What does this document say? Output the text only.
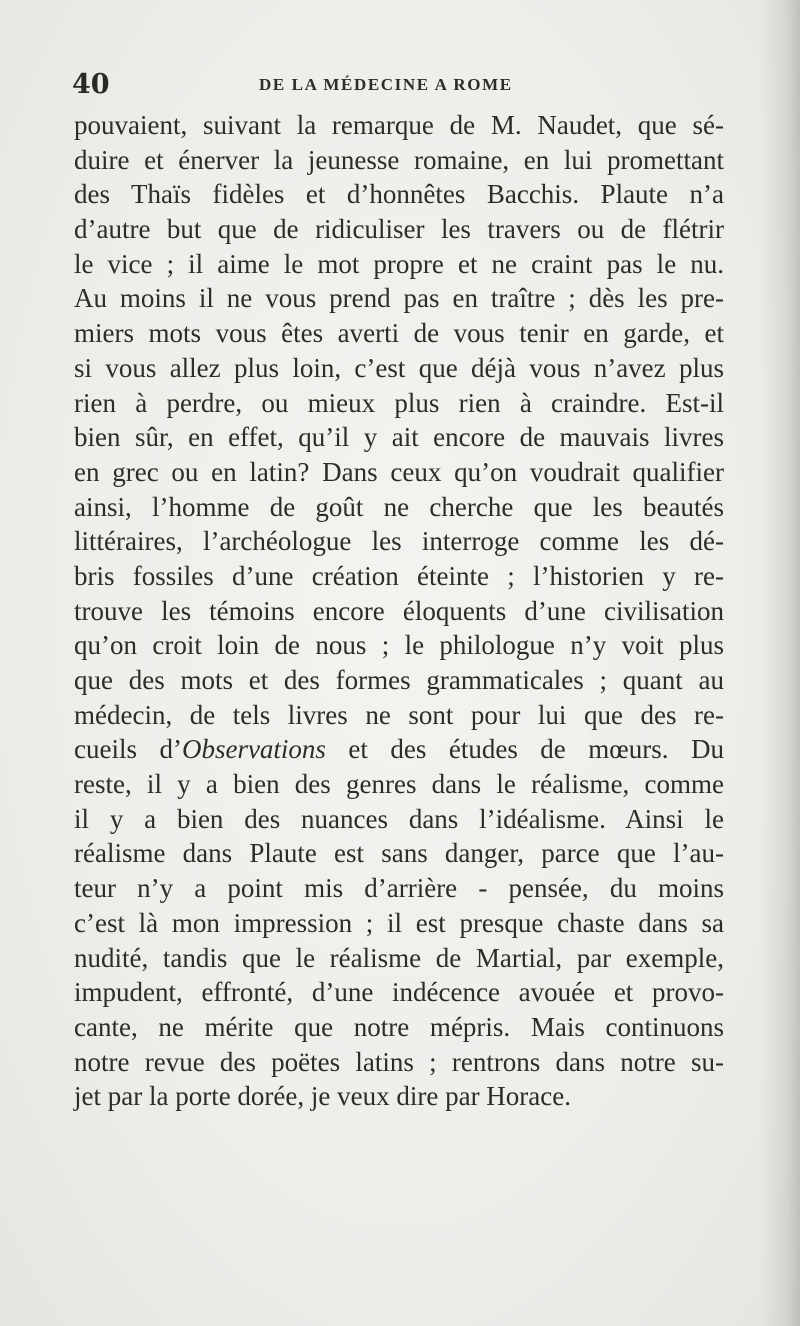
40	DE LA MÉDECINE A ROME
pouvaient, suivant la remarque de M. Naudet, que sé-
duire et énerver la jeunesse romaine, en lui promettant
des Thaïs fidèles et d’honnêtes Bacchis. Plaute n’a
d’autre but que de ridiculiser les travers ou de flétrir
le vice ; il aime le mot propre et ne craint pas le nu.
Au moins il ne vous prend pas en traître ; dès les pre-
miers mots vous êtes averti de vous tenir en garde, et
si vous allez plus loin, c’est que déjà vous n’avez plus
rien à perdre, ou mieux plus rien à craindre. Est-il
bien sûr, en effet, qu’il y ait encore de mauvais livres
en grec ou en latin? Dans ceux qu’on voudrait qualifier
ainsi, l’homme de goût ne cherche que les beautés
littéraires, l’archéologue les interroge comme les dé-
bris fossiles d’une création éteinte ; l’historien y re-
trouve les témoins encore éloquents d’une civilisation
qu’on croit loin de nous ; le philologue n’y voit plus
que des mots et des formes grammaticales ; quant au
médecin, de tels livres ne sont pour lui que des re-
cueils d’Observations et des études de mœurs. Du
reste, il y a bien des genres dans le réalisme, comme
il y a bien des nuances dans l’idéalisme. Ainsi le
réalisme dans Plaute est sans danger, parce que l’au-
teur n’y a point mis d’arrière - pensée, du moins
c’est là mon impression ; il est presque chaste dans sa
nudité, tandis que le réalisme de Martial, par exemple,
impudent, effronté, d’une indécence avouée et provo-
cante, ne mérite que notre mépris. Mais continuons
notre revue des poëtes latins ; rentrons dans notre su-
jet par la porte dorée, je veux dire par Horace.
